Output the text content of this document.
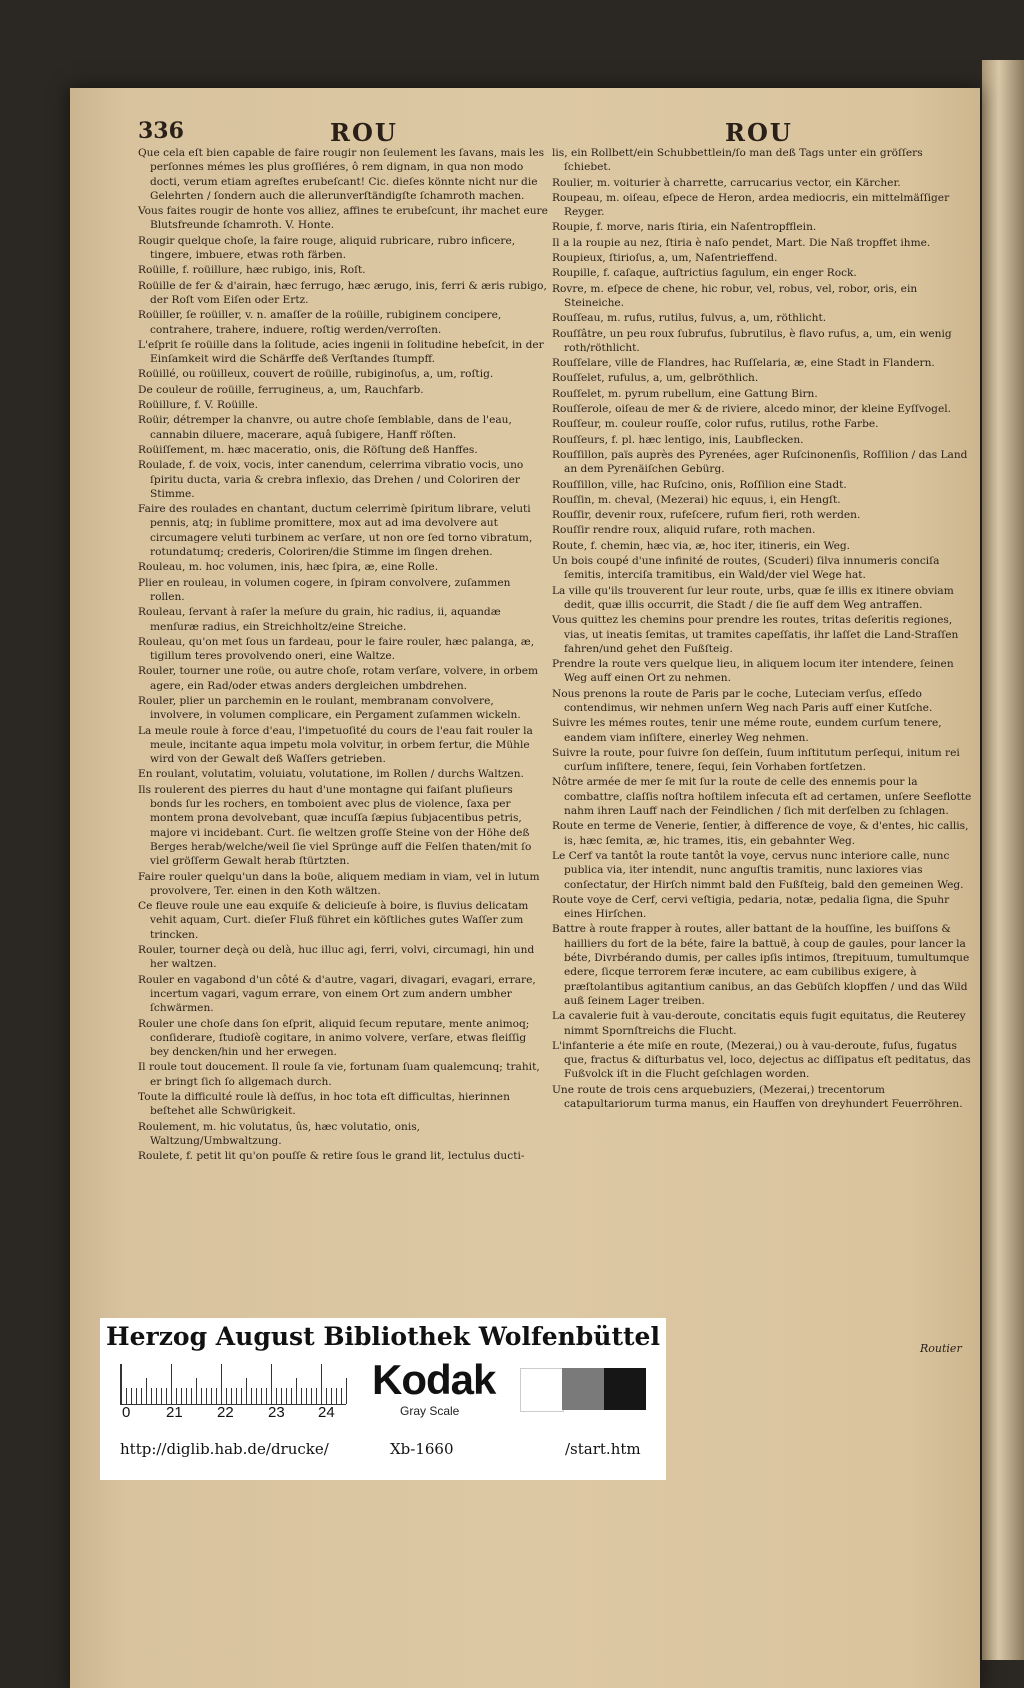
336	ROU	ROU
Que cela eſt bien capable de faire rougir non ſeulement les ſavans, mais les perſonnes mémes les plus groſſiéres, ô rem dignam, in qua non modo docti, verum etiam agreſtes erubeſcant! Cic. dieſes könnte nicht nur die Gelehrten / ſondern auch die allerunverſtändigſte ſchamroth machen.
Vous faites rougir de honte vos alliez, affines te erubeſcunt, ihr machet eure Blutsfreunde ſchamroth. V. Honte.
Rougir quelque choſe, la faire rouge, aliquid rubricare, rubro inficere, tingere, imbuere, etwas roth färben.
Roüille, f. roüillure, hæc rubigo, inis, Roſt.
Roüille de fer & d'airain, hæc ferrugo, hæc ærugo, inis, ferri & æris rubigo, der Roſt vom Eiſen oder Ertz.
Roüiller, ſe roüiller, v. n. amaſſer de la roüille, rubiginem concipere, contrahere, trahere, induere, roſtig werden/verroſten.
L'eſprit ſe roüille dans la ſolitude, acies ingenii in ſolitudine hebeſcit, in der Einſamkeit wird die Schärffe deß Verſtandes ſtumpff.
Roüillé, ou roüilleux, couvert de roüille, rubiginoſus, a, um, roſtig.
De couleur de roüille, ferrugineus, a, um, Rauchfarb.
Roüillure, f. V. Roüille.
Roüir, détremper la chanvre, ou autre choſe ſemblable, dans de l'eau, cannabin diluere, macerare, aquâ ſubigere, Hanff röſten.
Roüiſſement, m. hæc maceratio, onis, die Röſtung deß Hanffes.
Roulade, f. de voix, vocis, inter canendum, celerrima vibratio vocis, uno ſpiritu ducta, varia & crebra inflexio, das Drehen / und Coloriren der Stimme.
Faire des roulades en chantant, ductum celerrimè ſpiritum librare, veluti pennis, atq; in ſublime promittere, mox aut ad ima devolvere aut circumagere veluti turbinem ac verſare, ut non ore ſed torno vibratum, rotundatumq; crederis, Coloriren/die Stimme im ſingen drehen.
Rouleau, m. hoc volumen, inis, hæc ſpira, æ, eine Rolle.
Plier en rouleau, in volumen cogere, in ſpiram convolvere, zuſammen rollen.
Rouleau, ſervant à raſer la meſure du grain, hic radius, ii, aquandæ menſuræ radius, ein Streichholtz/eine Streiche.
Rouleau, qu'on met ſous un fardeau, pour le faire rouler, hæc palanga, æ, tigillum teres provolvendo oneri, eine Waltze.
Rouler, tourner une roüe, ou autre choſe, rotam verſare, volvere, in orbem agere, ein Rad/oder etwas anders dergleichen umbdrehen.
Rouler, plier un parchemin en le roulant, membranam convolvere, involvere, in volumen complicare, ein Pergament zuſammen wickeln.
La meule roule à force d'eau, l'impetuoſité du cours de l'eau fait rouler la meule, incitante aqua impetu mola volvitur, in orbem fertur, die Mühle wird von der Gewalt deß Waſſers getrieben.
En roulant, volutatim, voluiatu, volutatione, im Rollen / durchs Waltzen.
Ils roulerent des pierres du haut d'une montagne qui faiſant pluſieurs bonds ſur les rochers, en tomboient avec plus de violence, ſaxa per montem prona devolvebant, quæ incuſſa ſæpius ſubjacentibus petris, majore vi incidebant. Curt. ſie weltzen groſſe Steine von der Höhe deß Berges herab/welche/weil ſie viel Sprünge auff die Felſen thaten/mit ſo viel gröſſerm Gewalt herab ſtürtzten.
Faire rouler quelqu'un dans la boüe, aliquem mediam in viam, vel in lutum provolvere, Ter. einen in den Koth wältzen.
Ce fleuve roule une eau exquiſe & delicieuſe à boire, is fluvius delicatam vehit aquam, Curt. dieſer Fluß führet ein köſtliches gutes Waſſer zum trincken.
Rouler, tourner deçà ou delà, huc illuc agi, ferri, volvi, circumagi, hin und her waltzen.
Rouler en vagabond d'un côté & d'autre, vagari, divagari, evagari, errare, incertum vagari, vagum errare, von einem Ort zum andern umbher ſchwärmen.
Rouler une choſe dans ſon eſprit, aliquid ſecum reputare, mente animoq; conſiderare, ſtudioſè cogitare, in animo volvere, verſare, etwas fleiſſig bey dencken/hin und her erwegen.
Il roule tout doucement. Il roule ſa vie, fortunam ſuam qualemcunq; trahit, er bringt ſich ſo allgemach durch.
Toute la difficulté roule là deſſus, in hoc tota eſt difficultas, hierinnen beſtehet alle Schwürigkeit.
Roulement, m. hic volutatus, ûs, hæc volutatio, onis, Waltzung/Umbwaltzung.
Roulete, f. petit lit qu'on pouſſe & retire ſous le grand lit, lectulus ducti-
lis, ein Rollbett/ein Schubbettlein/ſo man deß Tags unter ein gröſſers ſchiebet.
Roulier, m. voiturier à charrette, carrucarius vector, ein Kärcher.
Roupeau, m. oiſeau, eſpece de Heron, ardea mediocris, ein mittelmäſſiger Reyger.
Roupie, f. morve, naris ſtiria, ein Naſentropfflein.
Il a la roupie au nez, ſtiria è naſo pendet, Mart. Die Naß tropffet ihme.
Roupieux, ſtirioſus, a, um, Naſentrieffend.
Roupille, f. caſaque, auſtrictius ſagulum, ein enger Rock.
Rovre, m. eſpece de chene, hic robur, vel, robus, vel, robor, oris, ein Steineiche.
Rouſſeau, m. rufus, rutilus, fulvus, a, um, röthlicht.
Rouſſâtre, un peu roux ſubrufus, ſubrutilus, è flavo rufus, a, um, ein wenig roth/röthlicht.
Rouſſelare, ville de Flandres, hac Ruſſelaria, æ, eine Stadt in Flandern.
Rouſſelet, rufulus, a, um, gelbröthlich.
Rouſſelet, m. pyrum rubellum, eine Gattung Birn.
Rouſſerole, oiſeau de mer & de riviere, alcedo minor, der kleine Eyſſvogel.
Rouſſeur, m. couleur rouſſe, color rufus, rutilus, rothe Farbe.
Rouſſeurs, f. pl. hæc lentigo, inis, Laubflecken.
Rouſſillon, païs auprès des Pyrenées, ager Ruſcinonenſis, Roſſilion / das Land an dem Pyrenäiſchen Gebürg.
Rouſſillon, ville, hac Ruſcino, onis, Roſſilion eine Stadt.
Rouſſin, m. cheval, (Mezerai) hic equus, i, ein Hengſt.
Rouſſir, devenir roux, rufeſcere, rufum fieri, roth werden.
Rouſſir rendre roux, aliquid rufare, roth machen.
Route, f. chemin, hæc via, æ, hoc iter, itineris, ein Weg.
Un bois coupé d'une infinité de routes, (Scuderi) ſilva innumeris conciſa ſemitis, interciſa tramitibus, ein Wald/der viel Wege hat.
La ville qu'ils trouverent ſur leur route, urbs, quæ ſe illis ex itinere obviam dedit, quæ illis occurrit, die Stadt / die ſie auff dem Weg antraffen.
Vous quittez les chemins pour prendre les routes, tritas deſeritis regiones, vias, ut ineatis ſemitas, ut tramites capeſſatis, ihr laſſet die Land-Straſſen fahren/und gehet den Fußſteig.
Prendre la route vers quelque lieu, in aliquem locum iter intendere, ſeinen Weg auff einen Ort zu nehmen.
Nous prenons la route de Paris par le coche, Luteciam verſus, eſſedo contendimus, wir nehmen unſern Weg nach Paris auff einer Kutſche.
Suivre les mémes routes, tenir une méme route, eundem curſum tenere, eandem viam inſiſtere, einerley Weg nehmen.
Suivre la route, pour ſuivre ſon deſſein, ſuum inſtitutum perſequi, initum rei curſum inſiſtere, tenere, ſequi, ſein Vorhaben fortſetzen.
Nôtre armée de mer ſe mit ſur la route de celle des ennemis pour la combattre, claſſis noſtra hoſtilem inſecuta eſt ad certamen, unſere Seeflotte nahm ihren Lauff nach der Feindlichen / ſich mit derſelben zu ſchlagen.
Route en terme de Venerie, ſentier, à difference de voye, & d'entes, hic callis, is, hæc ſemita, æ, hic trames, itis, ein gebahnter Weg.
Le Cerf va tantôt la route tantôt la voye, cervus nunc interiore calle, nunc publica via, iter intendit, nunc anguſtis tramitis, nunc laxiores vias conſectatur, der Hirſch nimmt bald den Fußſteig, bald den gemeinen Weg.
Route voye de Cerf, cervi veſtigia, pedaria, notæ, pedalia ſigna, die Spuhr eines Hirſchen.
Battre à route frapper à routes, aller battant de la houſſine, les buiſſons & hailliers du fort de la béte, faire la battuë, à coup de gaules, pour lancer la béte, Divrbérando dumis, per calles ipſis intimos, ſtrepituum, tumultumque edere, ſicque terrorem feræ incutere, ac eam cubilibus exigere, à præſtolantibus agitantium canibus, an das Gebüſch klopffen / und das Wild auß ſeinem Lager treiben.
La cavalerie fuit à vau-deroute, concitatis equis fugit equitatus, die Reuterey nimmt Spornſtreichs die Flucht.
L'infanterie a éte miſe en route, (Mezerai,) ou à vau-deroute, fuſus, fugatus que, fractus & diſturbatus vel, loco, dejectus ac diſſipatus eſt peditatus, das Fußvolck iſt in die Flucht geſchlagen worden.
Une route de trois cens arquebuziers, (Mezerai,) trecentorum catapultariorum turma manus, ein Hauffen von dreyhundert Feuerröhren.
Routier
Herzog August Bibliothek Wolfenbüttel
0 21 22 23 24
Kodak
Gray Scale
http://diglib.hab.de/drucke/	Xb-1660	/start.htm
